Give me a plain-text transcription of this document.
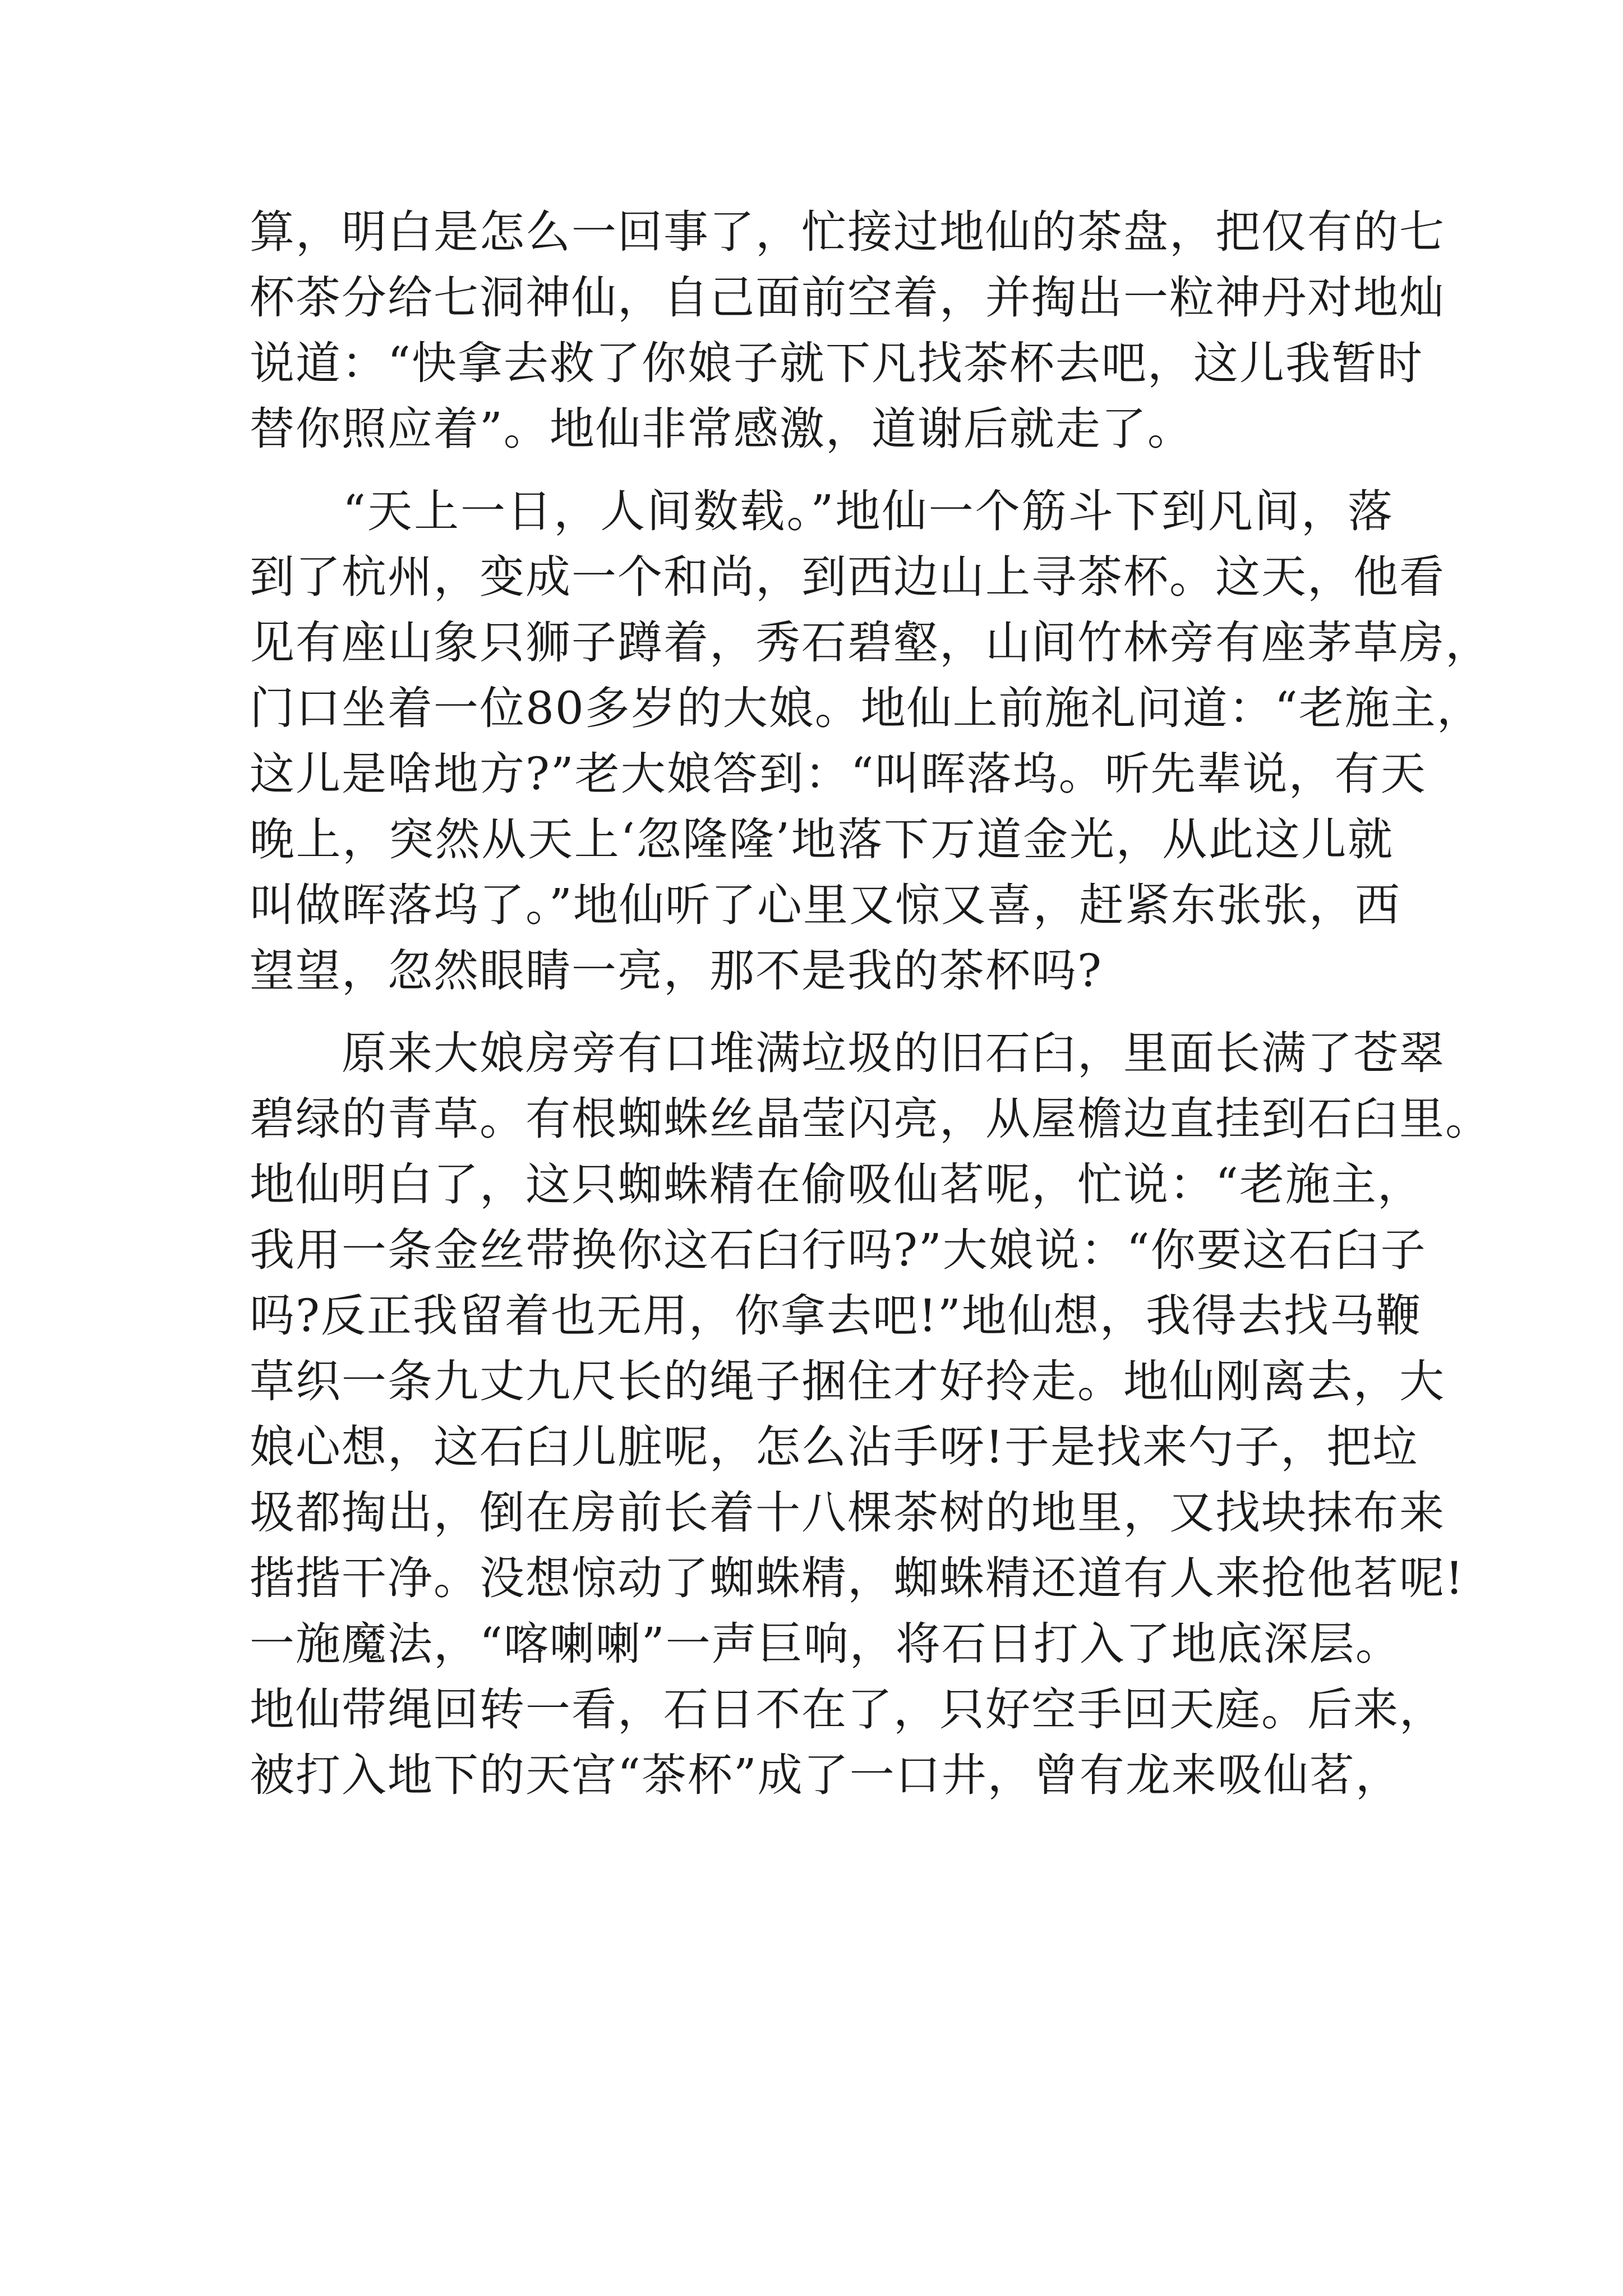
算，明白是怎么一回事了，忙接过地仙的茶盘，把仅有的七
杯茶分给七洞神仙，自己面前空着，并掏出一粒神丹对地灿
说道：“快拿去救了你娘子就下凡找茶杯去吧，这儿我暂时
替你照应着”。地仙非常感激，道谢后就走了。
　　“天上一日，人间数载。”地仙一个筋斗下到凡间，落
到了杭州，变成一个和尚，到西边山上寻茶杯。这天，他看
见有座山象只狮子蹲着，秀石碧壑，山间竹林旁有座茅草房，
门口坐着一位80多岁的大娘。地仙上前施礼问道：“老施主，
这儿是啥地方?”老大娘答到：“叫晖落坞。听先辈说，有天
晚上，突然从天上‘忽隆隆’地落下万道金光，从此这儿就
叫做晖落坞了。”地仙听了心里又惊又喜，赶紧东张张，西
望望，忽然眼睛一亮，那不是我的茶杯吗?
　　原来大娘房旁有口堆满垃圾的旧石臼，里面长满了苍翠
碧绿的青草。有根蜘蛛丝晶莹闪亮，从屋檐边直挂到石臼里。
地仙明白了，这只蜘蛛精在偷吸仙茗呢，忙说：“老施主，
我用一条金丝带换你这石臼行吗?”大娘说：“你要这石臼子
吗?反正我留着也无用，你拿去吧!”地仙想，我得去找马鞭
草织一条九丈九尺长的绳子捆住才好拎走。地仙刚离去，大
娘心想，这石臼儿脏呢，怎么沾手呀!于是找来勺子，把垃
圾都掏出，倒在房前长着十八棵茶树的地里，又找块抹布来
揩揩干净。没想惊动了蜘蛛精，蜘蛛精还道有人来抢他茗呢!
一施魔法，“喀喇喇”一声巨响，将石日打入了地底深层。
地仙带绳回转一看，石日不在了，只好空手回天庭。后来，
被打入地下的天宫“茶杯”成了一口井，曾有龙来吸仙茗，
